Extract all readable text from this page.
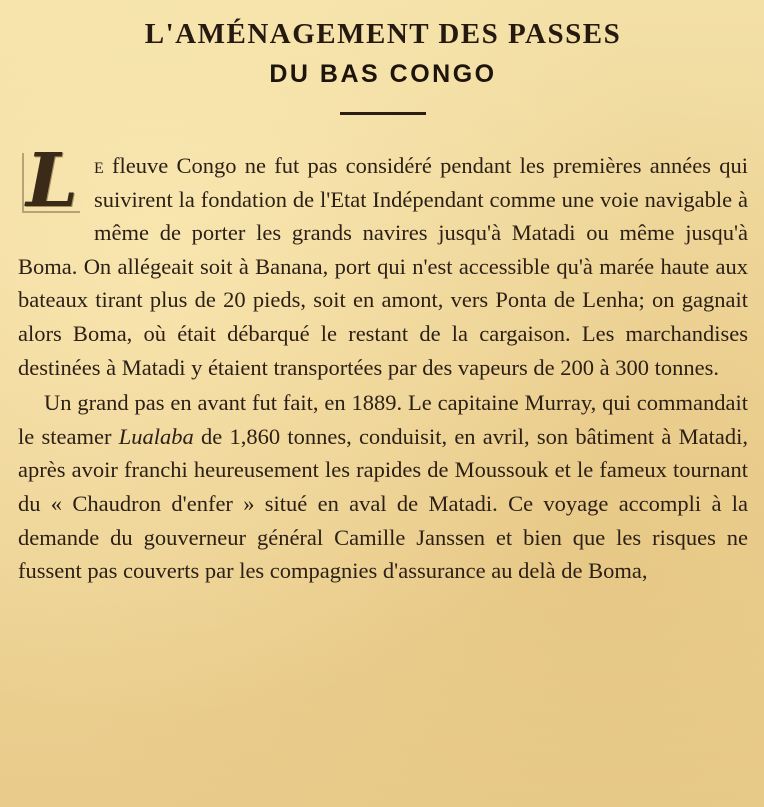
L'AMÉNAGEMENT DES PASSES
DU BAS CONGO

Le fleuve Congo ne fut pas considéré pendant les premières années qui suivirent la fondation de l'Etat Indépendant comme une voie navigable à même de porter les grands navires jusqu'à Matadi ou même jusqu'à Boma. On allégeait soit à Banana, port qui n'est accessible qu'à marée haute aux bateaux tirant plus de 20 pieds, soit en amont, vers Ponta de Lenha; on gagnait alors Boma, où était débarqué le restant de la cargaison. Les marchandises destinées à Matadi y étaient transportées par des vapeurs de 200 à 300 tonnes.

Un grand pas en avant fut fait, en 1889. Le capitaine Murray, qui commandait le steamer Lualaba de 1,860 tonnes, conduisit, en avril, son bâtiment à Matadi, après avoir franchi heureusement les rapides de Moussouk et le fameux tournant du « Chaudron d'enfer » situé en aval de Matadi. Ce voyage accompli à la demande du gouverneur général Camille Janssen et bien que les risques ne fussent pas couverts par les compagnies d'assurance au delà de Boma,
